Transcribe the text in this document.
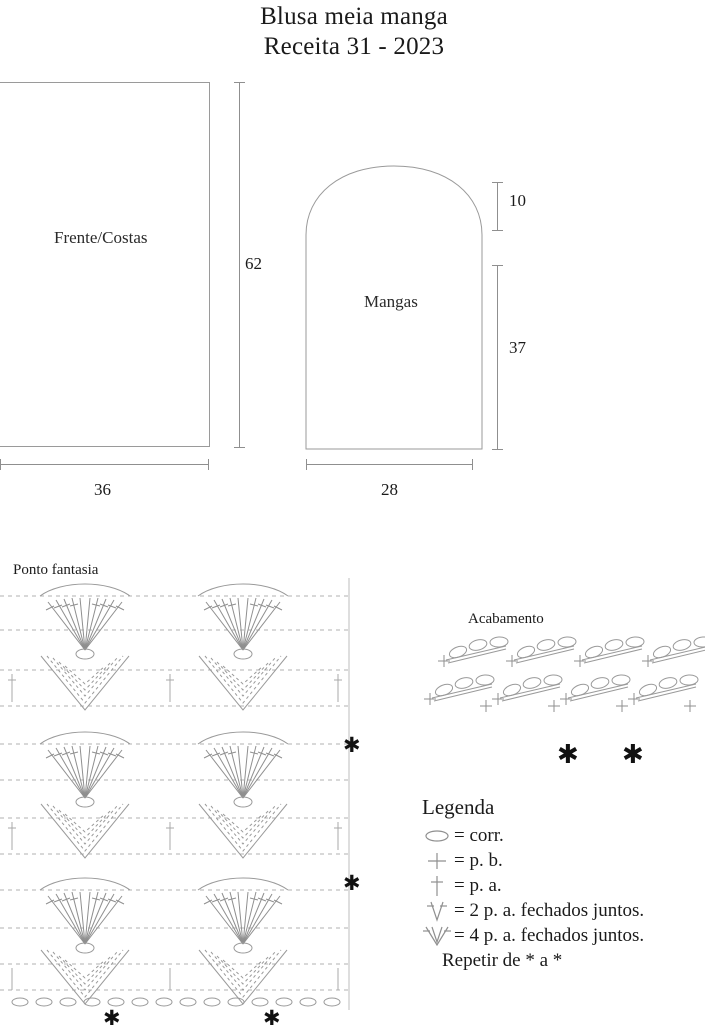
Blusa meia manga
Receita 31 - 2023
Frente/Costas
62
36
Mangas
10
37
28
Ponto fantasia
✱
✱
✱	✱
Acabamento
✱ ✱
Legenda
= corr.
= p. b.
= p. a.
= 2 p. a. fechados juntos.
= 4 p. a. fechados juntos.
Repetir de * a *
